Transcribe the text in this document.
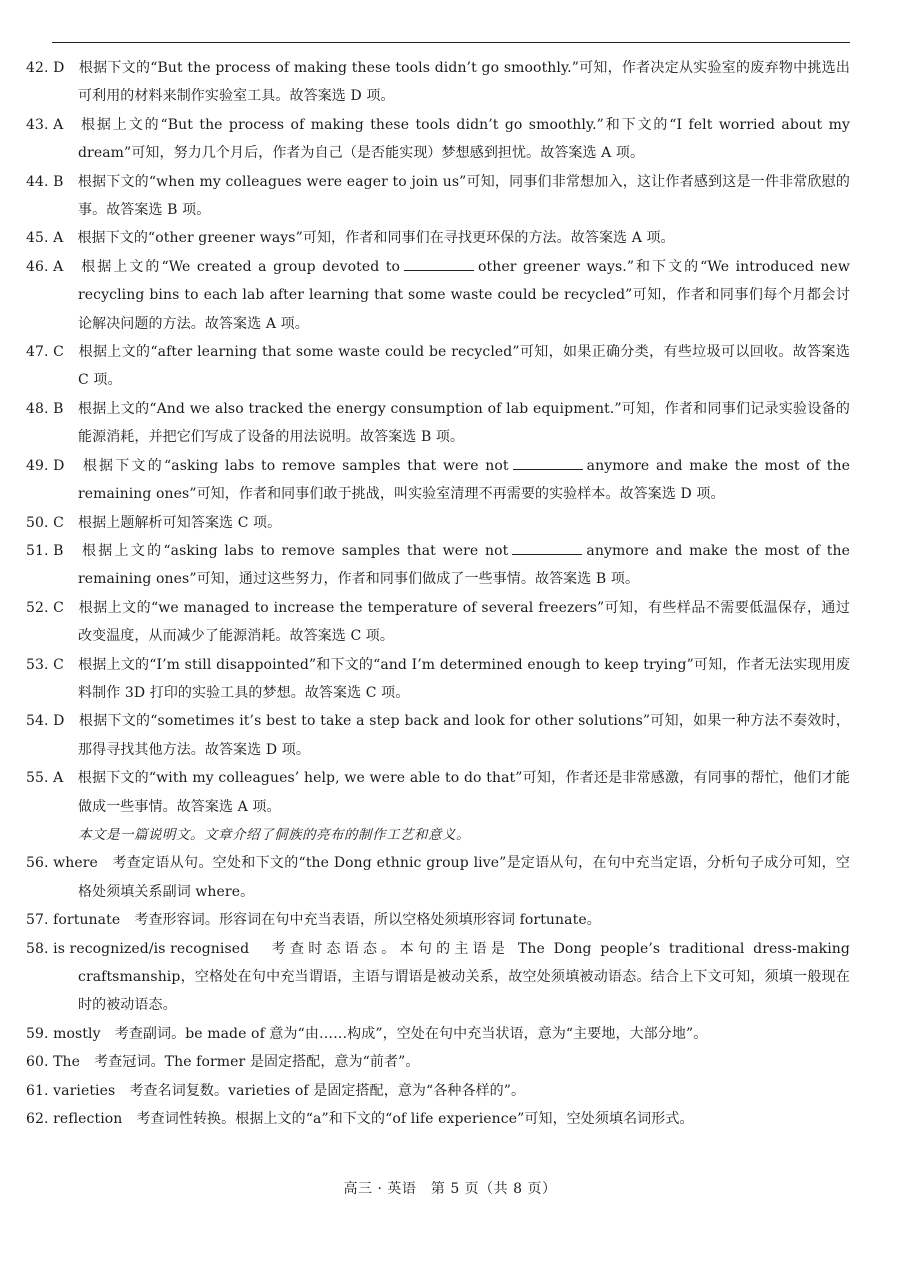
42. D　 根据下文的“But the process of making these tools didn’t go smoothly.”可知，作者决定从实验室的废弃物中挑选出可利用的材料来制作实验室工具。故答案选 D 项。

43. A　 根据上文的“But the process of making these tools didn’t go smoothly.”和下文的“I felt worried about my dream”可知，努力几个月后，作者为自己（是否能实现）梦想感到担忧。故答案选 A 项。

44. B　 根据下文的“when my colleagues were eager to join us”可知，同事们非常想加入，这让作者感到这是一件非常欣慰的事。故答案选 B 项。

45. A　 根据下文的“other greener ways”可知，作者和同事们在寻找更环保的方法。故答案选 A 项。

46. A　 根据上文的“We created a group devoted to	other greener ways.”和下文的“We introduced new recycling bins to each lab after learning that some waste could be recycled”可知，作者和同事们每个月都会讨论解决问题的方法。故答案选 A 项。

47. C　 根据上文的“after learning that some waste could be recycled”可知，如果正确分类，有些垃圾可以回收。故答案选 C 项。

48. B　 根据上文的“And we also tracked the energy consumption of lab equipment.”可知，作者和同事们记录实验设备的能源消耗，并把它们写成了设备的用法说明。故答案选 B 项。

49. D　 根据下文的“asking labs to remove samples that were not	anymore and make the most of the remaining ones”可知，作者和同事们敢于挑战，叫实验室清理不再需要的实验样本。故答案选 D 项。

50. C　 根据上题解析可知答案选 C 项。

51. B　 根据上文的“asking labs to remove samples that were not	anymore and make the most of the remaining ones”可知，通过这些努力，作者和同事们做成了一些事情。故答案选 B 项。

52. C　 根据上文的“we managed to increase the temperature of several freezers”可知，有些样品不需要低温保存，通过改变温度，从而减少了能源消耗。故答案选 C 项。

53. C　 根据上文的“I’m still disappointed”和下文的“and I’m determined enough to keep trying”可知，作者无法实现用废料制作 3D 打印的实验工具的梦想。故答案选 C 项。

54. D　 根据下文的“sometimes it’s best to take a step back and look for other solutions”可知，如果一种方法不奏效时，那得寻找其他方法。故答案选 D 项。

55. A　 根据下文的“with my colleagues’ help, we were able to do that”可知，作者还是非常感激，有同事的帮忙，他们才能做成一些事情。故答案选 A 项。

本文是一篇说明文。文章介绍了侗族的亮布的制作工艺和意义。

56. where　 考查定语从句。空处和下文的“the Dong ethnic group live”是定语从句，在句中充当定语，分析句子成分可知，空格处须填关系副词 where。

57. fortunate　 考查形容词。形容词在句中充当表语，所以空格处须填形容词 fortunate。

58. is recognized/is recognised　 考查时态语态。本句的主语是 The Dong people’s traditional dress-making craftsmanship，空格处在句中充当谓语，主语与谓语是被动关系，故空处须填被动语态。结合上下文可知，须填一般现在时的被动语态。

59. mostly　 考查副词。be made of 意为“由……构成”，空处在句中充当状语，意为“主要地，大部分地”。

60. The　 考查冠词。The former 是固定搭配，意为“前者”。

61. varieties　 考查名词复数。varieties of 是固定搭配，意为“各种各样的”。

62. reflection　 考查词性转换。根据上文的“a”和下文的“of life experience”可知，空处须填名词形式。

高三 · 英语　第 5 页（共 8 页）
